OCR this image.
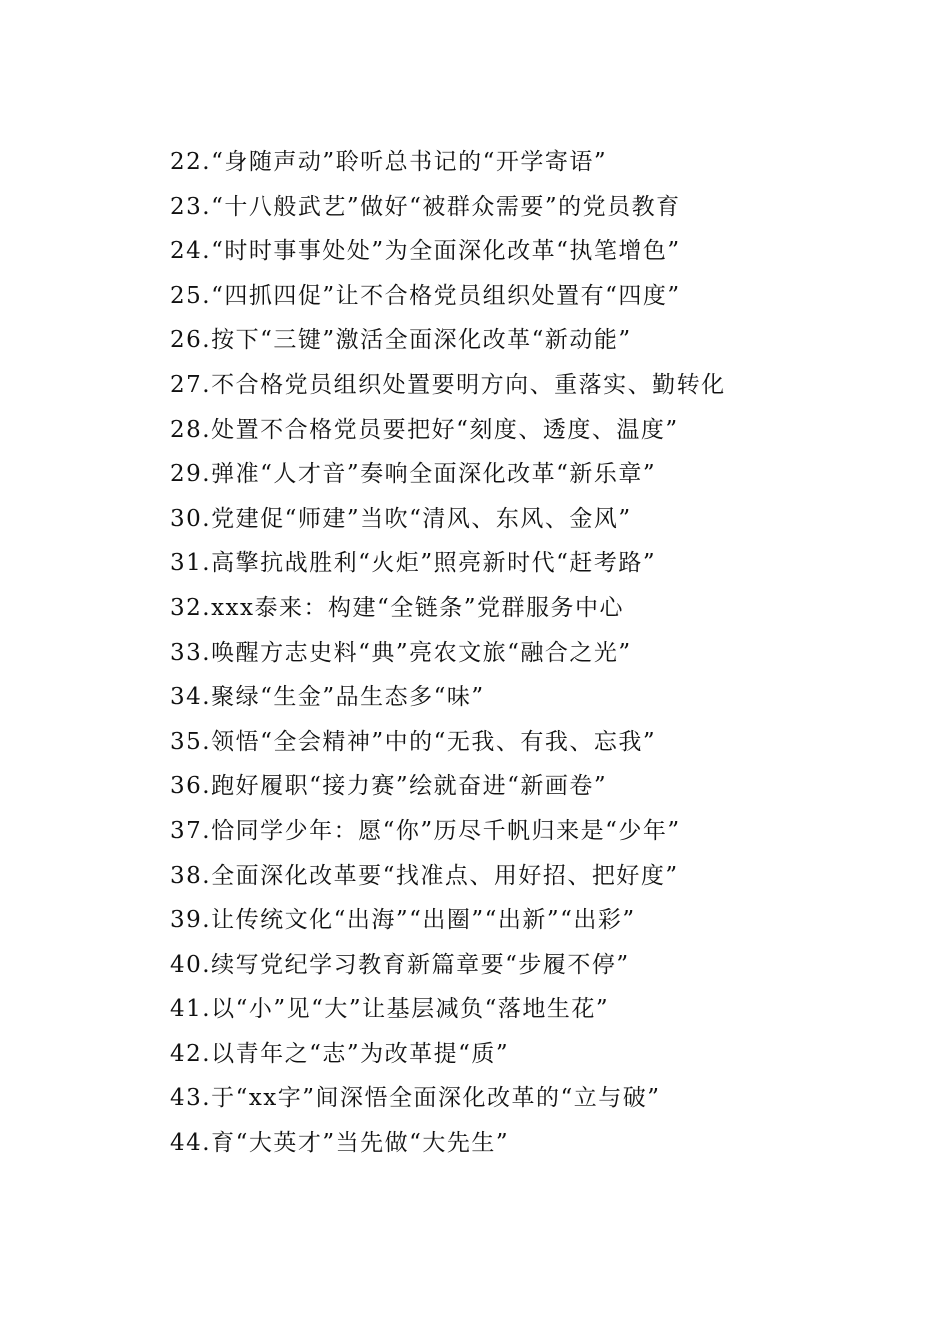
22.“身随声动”聆听总书记的“开学寄语”
23.“十八般武艺”做好“被群众需要”的党员教育
24.“时时事事处处”为全面深化改革“执笔增色”
25.“四抓四促”让不合格党员组织处置有“四度”
26.按下“三键”激活全面深化改革“新动能”
27.不合格党员组织处置要明方向、重落实、勤转化
28.处置不合格党员要把好“刻度、透度、温度”
29.弹准“人才音”奏响全面深化改革“新乐章”
30.党建促“师建”当吹“清风、东风、金风”
31.高擎抗战胜利“火炬”照亮新时代“赶考路”
32.xxx泰来：构建“全链条”党群服务中心
33.唤醒方志史料“典”亮农文旅“融合之光”
34.聚绿“生金”品生态多“味”
35.领悟“全会精神”中的“无我、有我、忘我”
36.跑好履职“接力赛”绘就奋进“新画卷”
37.恰同学少年：愿“你”历尽千帆归来是“少年”
38.全面深化改革要“找准点、用好招、把好度”
39.让传统文化“出海”“出圈”“出新”“出彩”
40.续写党纪学习教育新篇章要“步履不停”
41.以“小”见“大”让基层减负“落地生花”
42.以青年之“志”为改革提“质”
43.于“xx字”间深悟全面深化改革的“立与破”
44.育“大英才”当先做“大先生”
